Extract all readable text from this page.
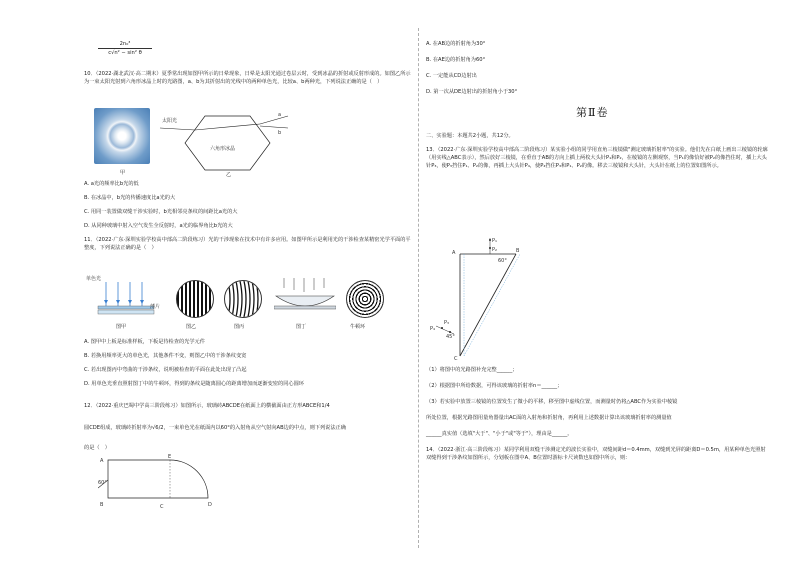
2n₀³
c√n² − sin² θ
10．（2022·湖北武汉·高二期末）夏季常出现如图甲所示的日晕现象，日晕是太阳光通过卷层云时，受到冰晶的折射或反射形成的。如图乙所示为一束太阳光射到六角形冰晶上时的光路图，a、b为其折射出的光线中的两种单色光，比较a、b两种光，下列说法正确的是（　）
甲
太阳光
六角形冰晶
a
b
乙
A. a光的频率比b光的低
B. 在冰晶中，b光的传播速度比a光的大
C. 用同一装置做双缝干涉实验时，b光相邻亮条纹的间距比a光的大
D. 从同种玻璃中射入空气发生全反射时，a光的临界角比b光的大
11．（2022·广东·深圳实验学校高中部高二阶段练习）光的干涉现象在技术中有许多应用。如图甲所示是利用光的干涉检查某精密光学平面的平整度，下列说法正确的是（　）
单色光
薄片
图甲	图乙	图丙	图丁	牛顿环
A. 图甲中上板是标准样板，下板是待检查的光学元件
B. 若换用频率更大的单色光，其他条件不变，则图乙中的干涉条纹变宽
C. 若出现图丙中弯曲的干涉条纹，说明被检查的平面在此处出现了凸起
D. 用单色光垂直照射图丁中的牛顿环，得到的条纹是随离圆心的距离增加而逐渐变密的同心圆环
12．（2022·重庆巴蜀中学高三阶段练习）如图所示，玻璃砖ABCDE在纸面上的横截面由正方形ABCE和1/4
圆CDE组成，玻璃砖折射率为√6/2，一束单色光在纸面内以60°的入射角从空气射向AB边的中点，则下列说法正确
的是（　）
A
B	C	D
E
60°
A. 在AB边的折射角为30°
B. 在AE边的折射角为60°
C. 一定能从CD边射出
D. 第一次从DE边射出的折射角小于30°
第Ⅱ卷
二、实验题：本题共2小题，共12分。
13．（2022·广东·深圳实验学校高中部高二阶段练习）某实验小组的同学用直角三棱镜做"测定玻璃折射率"的实验。他们先在白纸上画出三棱镜的轮廓（用实线△ABC表示），然后放好三棱镜，在垂直于AB的方向上插上两枚大头针P₁和P₂，在棱镜的左侧观察，当P₁的像恰好被P₂的像挡住时，插上大头针P₃，使P₃挡住P₁、P₂的像，再插上大头针P₄，使P₄挡住P₃和P₁、P₂的像。移去三棱镜和大头针，大头针在纸上的位置如图所示。
P₁
P₂
A	B
C
60°
P₃
P₄
45°
（1）将图中的光路图补充完整______；
（2）根据图中所给数据，可得该玻璃的折射率n＝______；
（3）若实验中放置三棱镜的位置发生了微小的平移，移至图中虚线位置，而测量时仍将△ABC作为实验中棱镜
所处位置，根据光路图用量角器量出AC面的入射角和折射角，再利用上述数据计算出该玻璃折射率的测量值
______真实值（选填"大于"、"小于"或"等于"），理由是______。
14．（2022·浙江·高三阶段练习）某同学利用双缝干涉测定光的波长实验中，双缝间距d＝0.4mm，双缝到光屏的距离D＝0.5m，用某种单色光照射双缝得到干涉条纹如图所示，分划板在图中A、B位置时游标卡尺读数也如图中所示，则：
